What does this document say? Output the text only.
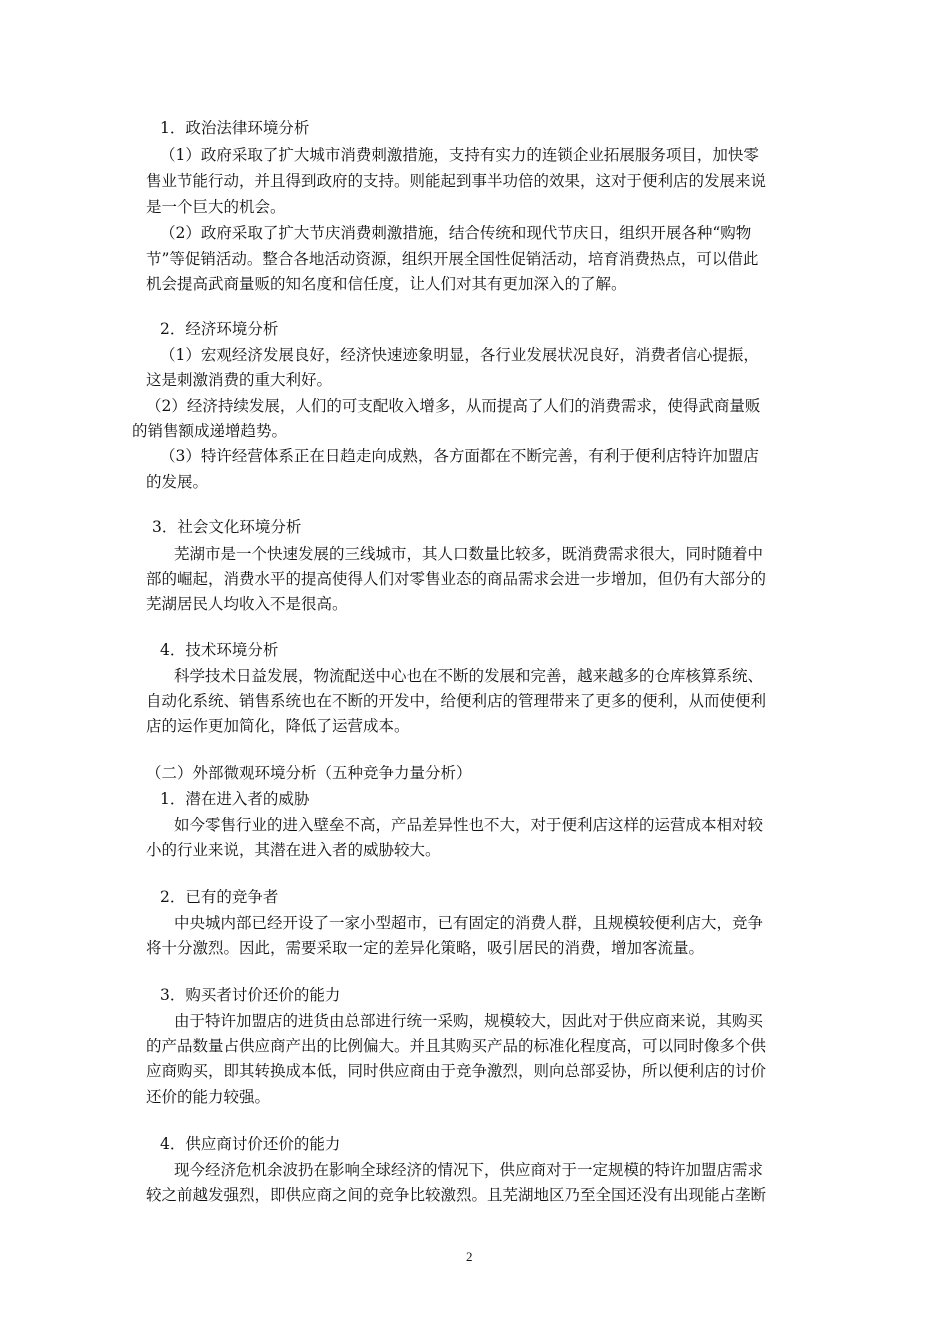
1．政治法律环境分析
（1）政府采取了扩大城市消费刺激措施，支持有实力的连锁企业拓展服务项目，加快零
售业节能行动，并且得到政府的支持。则能起到事半功倍的效果，这对于便利店的发展来说
是一个巨大的机会。
（2）政府采取了扩大节庆消费刺激措施，结合传统和现代节庆日，组织开展各种“购物
节”等促销活动。整合各地活动资源，组织开展全国性促销活动，培育消费热点，可以借此
机会提高武商量贩的知名度和信任度，让人们对其有更加深入的了解。
2．经济环境分析
（1）宏观经济发展良好，经济快速迹象明显，各行业发展状况良好，消费者信心提振，
这是刺激消费的重大利好。
（2）经济持续发展，人们的可支配收入增多，从而提高了人们的消费需求，使得武商量贩
的销售额成递增趋势。
（3）特许经营体系正在日趋走向成熟，各方面都在不断完善，有利于便利店特许加盟店
的发展。
3．社会文化环境分析
芜湖市是一个快速发展的三线城市，其人口数量比较多，既消费需求很大，同时随着中
部的崛起，消费水平的提高使得人们对零售业态的商品需求会进一步增加，但仍有大部分的
芜湖居民人均收入不是很高。
4．技术环境分析
科学技术日益发展，物流配送中心也在不断的发展和完善，越来越多的仓库核算系统、
自动化系统、销售系统也在不断的开发中，给便利店的管理带来了更多的便利，从而使便利
店的运作更加简化，降低了运营成本。
（二）外部微观环境分析（五种竞争力量分析）
1．潜在进入者的威胁
如今零售行业的进入壁垒不高，产品差异性也不大，对于便利店这样的运营成本相对较
小的行业来说，其潜在进入者的威胁较大。
2．已有的竞争者
中央城内部已经开设了一家小型超市，已有固定的消费人群，且规模较便利店大，竞争
将十分激烈。因此，需要采取一定的差异化策略，吸引居民的消费，增加客流量。
3．购买者讨价还价的能力
由于特许加盟店的进货由总部进行统一采购，规模较大，因此对于供应商来说，其购买
的产品数量占供应商产出的比例偏大。并且其购买产品的标准化程度高，可以同时像多个供
应商购买，即其转换成本低，同时供应商由于竞争激烈，则向总部妥协，所以便利店的讨价
还价的能力较强。
4．供应商讨价还价的能力
现今经济危机余波扔在影响全球经济的情况下，供应商对于一定规模的特许加盟店需求
较之前越发强烈，即供应商之间的竞争比较激烈。且芜湖地区乃至全国还没有出现能占垄断
2
